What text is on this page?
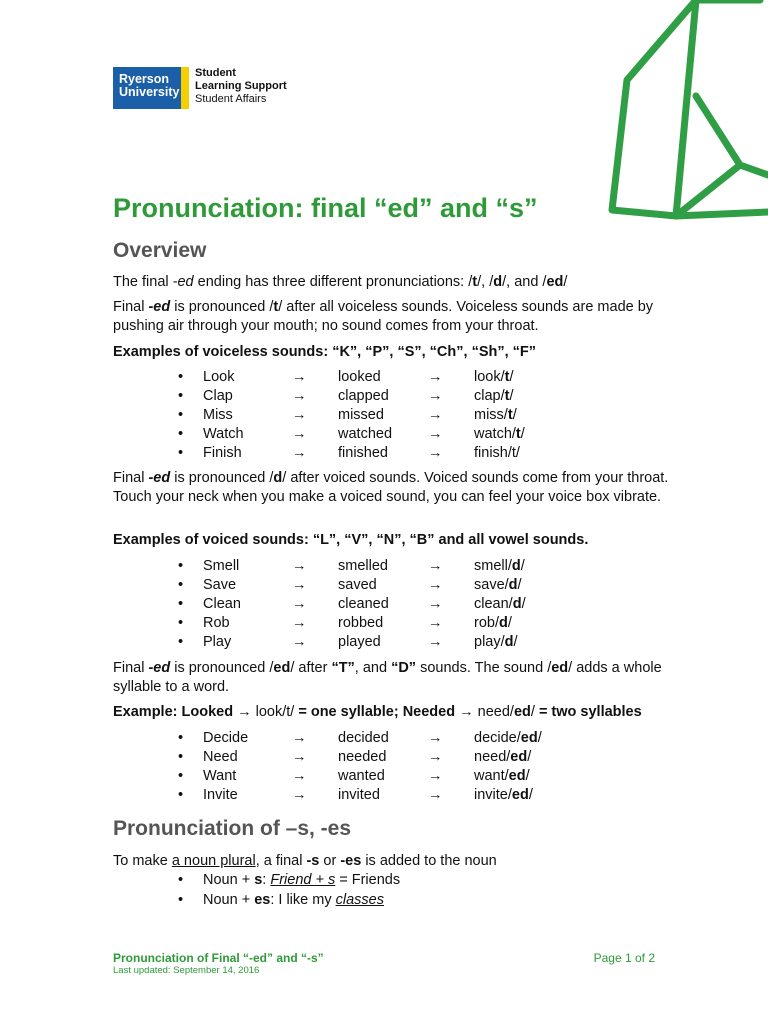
Ryerson
University
Student
Learning Support
Student Affairs
Pronunciation: final “ed” and “s”
Overview

The final -ed ending has three different pronunciations: /t/, /d/, and /ed/

Final -ed is pronounced /t/ after all voiceless sounds. Voiceless sounds are made by pushing air through your mouth; no sound comes from your throat.

Examples of voiceless sounds: “K”, “P”, “S”, “Ch”, “Sh”, “F”

• Look	→ looked	→ look/t/
• Clap	→ clapped	→ clap/t/
• Miss	→ missed	→ miss/t/
• Watch	→ watched → watch/t/
• Finish	→ finished	→ finish/t/

Final -ed is pronounced /d/ after voiced sounds. Voiced sounds come from your throat. Touch your neck when you make a voiced sound, you can feel your voice box vibrate.

Examples of voiced sounds: “L”, “V”, “N”, “B” and all vowel sounds.

• Smell	→ smelled	→ smell/d/
• Save	→ saved	→ save/d/
• Clean	→ cleaned	→ clean/d/
• Rob	→ robbed	→ rob/d/
• Play	→ played	→ play/d/

Final -ed is pronounced /ed/ after “T”, and “D” sounds. The sound /ed/ adds a whole syllable to a word.

Example: Looked → look/t/ = one syllable; Needed → need/ed/ = two syllables

• Decide	→ decided	→ decide/ed/
• Need	→ needed	→ need/ed/
• Want	→ wanted	→ want/ed/
• Invite	→ invited	→ invite/ed/
Pronunciation of –s, -es

To make a noun plural, a final -s or -es is added to the noun

• Noun + s: Friend + s = Friends
• Noun + es: I like my classes
Pronunciation of Final “-ed” and “-s”
Last updated: September 14, 2016
Page 1 of 2
